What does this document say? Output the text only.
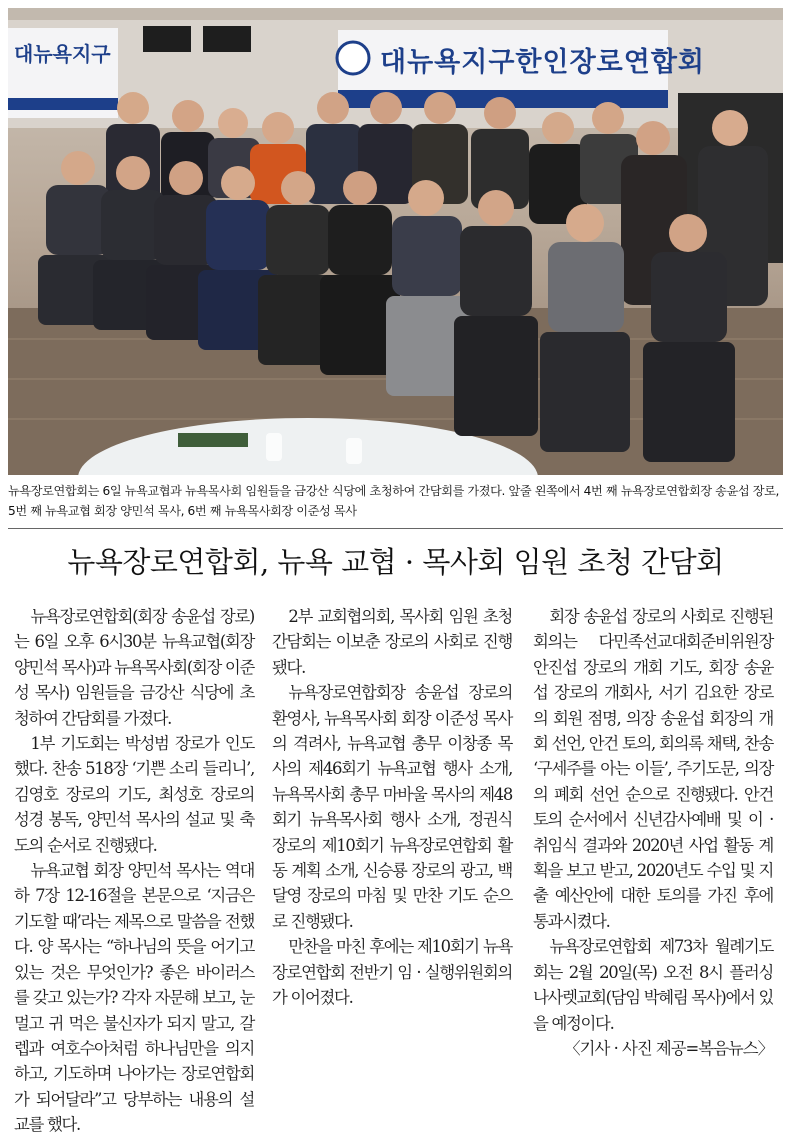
대뉴욕지구	대뉴욕지구한인장로연합회
뉴욕장로연합회는 6일 뉴욕교협과 뉴욕목사회 임원들을 금강산 식당에 초청하여 간담회를 가졌다. 앞줄 왼쪽에서 4번 째 뉴욕장로연합회장 송윤섭 장로, 5번 째 뉴욕교협 회장 양민석 목사, 6번 째 뉴욕목사회장 이준성 목사
뉴욕장로연합회, 뉴욕 교협 · 목사회 임원 초청 간담회

뉴욕장로연합회(회장 송윤섭 장로)는 6일 오후 6시30분 뉴욕교협(회장 양민석 목사)과 뉴욕목사회(회장 이준성 목사) 임원들을 금강산 식당에 초청하여 간담회를 가졌다.

1부 기도회는 박성범 장로가 인도했다. 찬송 518장 ‘기쁜 소리 들리니’, 김영호 장로의 기도, 최성호 장로의 성경 봉독, 양민석 목사의 설교 및 축도의 순서로 진행됐다.

뉴욕교협 회장 양민석 목사는 역대하 7장 12-16절을 본문으로 ‘지금은 기도할 때’라는 제목으로 말씀을 전했다. 양 목사는 “하나님의 뜻을 어기고 있는 것은 무엇인가? 좋은 바이러스를 갖고 있는가? 각자 자문해 보고, 눈 멀고 귀 먹은 불신자가 되지 말고, 갈렙과 여호수아처럼 하나님만을 의지하고, 기도하며 나아가는 장로연합회가 되어달라”고 당부하는 내용의 설교를 했다.

2부 교회협의회, 목사회 임원 초청 간담회는 이보춘 장로의 사회로 진행됐다.

뉴욕장로연합회장 송윤섭 장로의 환영사, 뉴욕목사회 회장 이준성 목사의 격려사, 뉴욕교협 총무 이창종 목사의 제46회기 뉴욕교협 행사 소개, 뉴욕목사회 총무 마바울 목사의 제48회기 뉴욕목사회 행사 소개, 정권식 장로의 제10회기 뉴욕장로연합회 활동 계획 소개, 신승룡 장로의 광고, 백달영 장로의 마침 및 만찬 기도 순으로 진행됐다.

만찬을 마친 후에는 제10회기 뉴욕장로연합회 전반기 임 · 실행위원회의가 이어졌다.

회장 송윤섭 장로의 사회로 진행된 회의는 다민족선교대회준비위원장 안진섭 장로의 개회 기도, 회장 송윤섭 장로의 개회사, 서기 김요한 장로의 회원 점명, 의장 송윤섭 회장의 개회 선언, 안건 토의, 회의록 채택, 찬송 ‘구세주를 아는 이들’, 주기도문, 의장의 폐회 선언 순으로 진행됐다. 안건 토의 순서에서 신년감사예배 및 이 · 취임식 결과와 2020년 사업 활동 계획을 보고 받고, 2020년도 수입 및 지출 예산안에 대한 토의를 가진 후에 통과시켰다.

뉴욕장로연합회 제73차 월례기도회는 2월 20일(목) 오전 8시 플러싱 나사렛교회(담임 박혜림 목사)에서 있을 예정이다.

〈기사 · 사진 제공=복음뉴스〉
